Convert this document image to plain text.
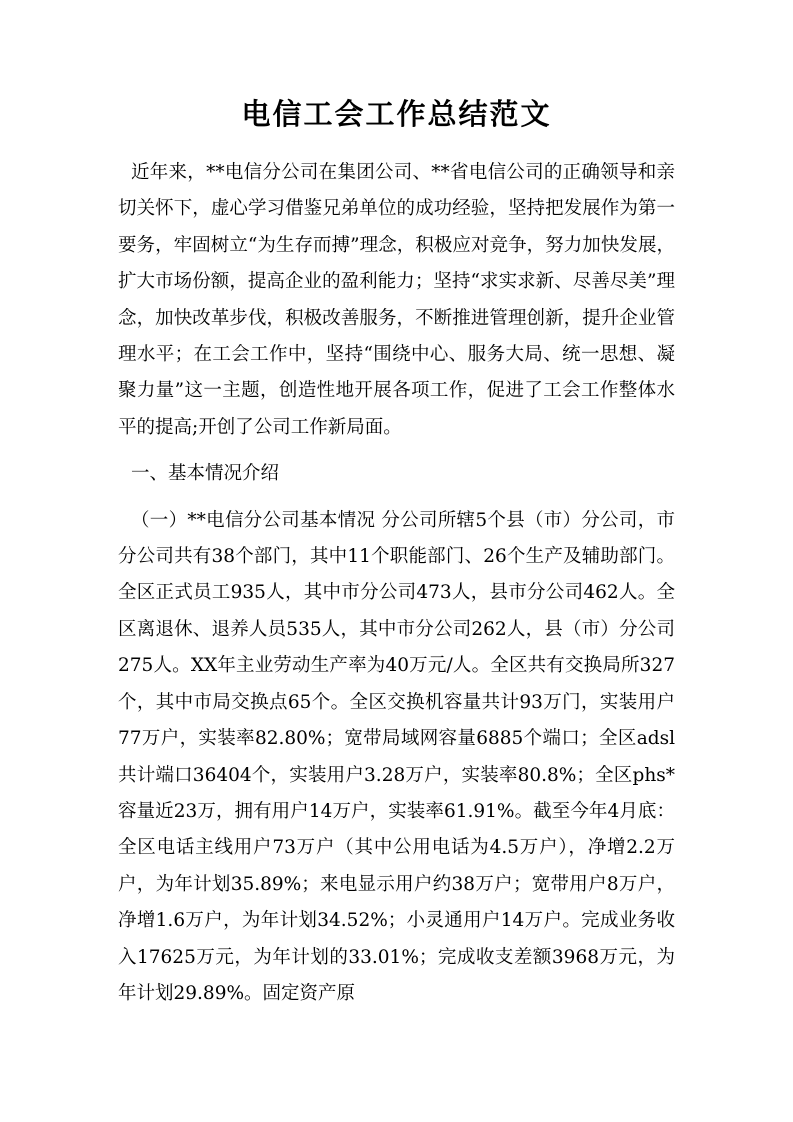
电信工会工作总结范文

近年来，**电信分公司在集团公司、**省电信公司的正确领导和亲切关怀下，虚心学习借鉴兄弟单位的成功经验，坚持把发展作为第一要务，牢固树立“为生存而搏”理念，积极应对竞争，努力加快发展，扩大市场份额，提高企业的盈利能力；坚持“求实求新、尽善尽美”理念，加快改革步伐，积极改善服务，不断推进管理创新，提升企业管理水平；在工会工作中，坚持“围绕中心、服务大局、统一思想、凝聚力量”这一主题，创造性地开展各项工作，促进了工会工作整体水平的提高;开创了公司工作新局面。

一、基本情况介绍

（一）**电信分公司基本情况 分公司所辖5个县（市）分公司，市分公司共有38个部门，其中11个职能部门、26个生产及辅助部门。全区正式员工935人，其中市分公司473人，县市分公司462人。全区离退休、退养人员535人，其中市分公司262人，县（市）分公司275人。XX年主业劳动生产率为40万元/人。全区共有交换局所327个，其中市局交换点65个。全区交换机容量共计93万门，实装用户77万户，实装率82.80%；宽带局域网容量6885个端口；全区adsl共计端口36404个，实装用户3.28万户，实装率80.8%；全区phs*容量近23万，拥有用户14万户，实装率61.91%。截至今年4月底：全区电话主线用户73万户（其中公用电话为4.5万户），净增2.2万户，为年计划35.89%；来电显示用户约38万户；宽带用户8万户，净增1.6万户，为年计划34.52%；小灵通用户14万户。完成业务收入17625万元，为年计划的33.01%；完成收支差额3968万元，为年计划29.89%。固定资产原
